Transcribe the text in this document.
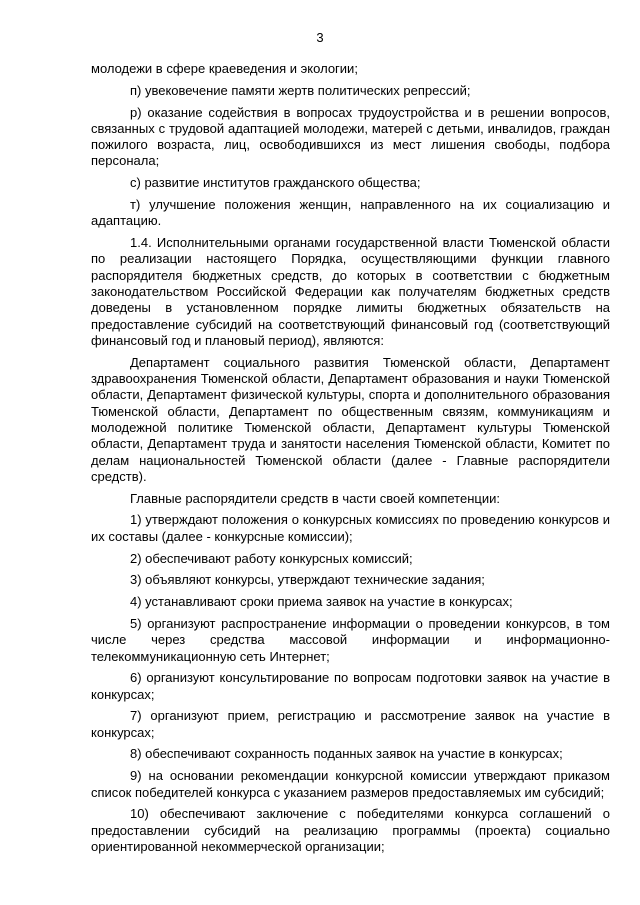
3

молодежи в сфере краеведения и экологии;

п) увековечение памяти жертв политических репрессий;

р) оказание содействия в вопросах трудоустройства и в решении вопросов, связанных с трудовой адаптацией молодежи, матерей с детьми, инвалидов, граждан пожилого возраста, лиц, освободившихся из мест лишения свободы, подбора персонала;

с) развитие институтов гражданского общества;

т) улучшение положения женщин, направленного на их социализацию и адаптацию.

1.4. Исполнительными органами государственной власти Тюменской области по реализации настоящего Порядка, осуществляющими функции главного распорядителя бюджетных средств, до которых в соответствии с бюджетным законодательством Российской Федерации как получателям бюджетных средств доведены в установленном порядке лимиты бюджетных обязательств на предоставление субсидий на соответствующий финансовый год (соответствующий финансовый год и плановый период), являются:

Департамент социального развития Тюменской области, Департамент здравоохранения Тюменской области, Департамент образования и науки Тюменской области, Департамент физической культуры, спорта и дополнительного образования Тюменской области, Департамент по общественным связям, коммуникациям и молодежной политике Тюменской области, Департамент культуры Тюменской области, Департамент труда и занятости населения Тюменской области, Комитет по делам национальностей Тюменской области (далее - Главные распорядители средств).

Главные распорядители средств в части своей компетенции:

1) утверждают положения о конкурсных комиссиях по проведению конкурсов и их составы (далее - конкурсные комиссии);

2) обеспечивают работу конкурсных комиссий;

3) объявляют конкурсы, утверждают технические задания;

4) устанавливают сроки приема заявок на участие в конкурсах;

5) организуют распространение информации о проведении конкурсов, в том числе через средства массовой информации и информационно-телекоммуникационную сеть Интернет;

6) организуют консультирование по вопросам подготовки заявок на участие в конкурсах;

7) организуют прием, регистрацию и рассмотрение заявок на участие в конкурсах;

8) обеспечивают сохранность поданных заявок на участие в конкурсах;

9) на основании рекомендации конкурсной комиссии утверждают приказом список победителей конкурса с указанием размеров предоставляемых им субсидий;

10) обеспечивают заключение с победителями конкурса соглашений о предоставлении субсидий на реализацию программы (проекта) социально ориентированной некоммерческой организации;
